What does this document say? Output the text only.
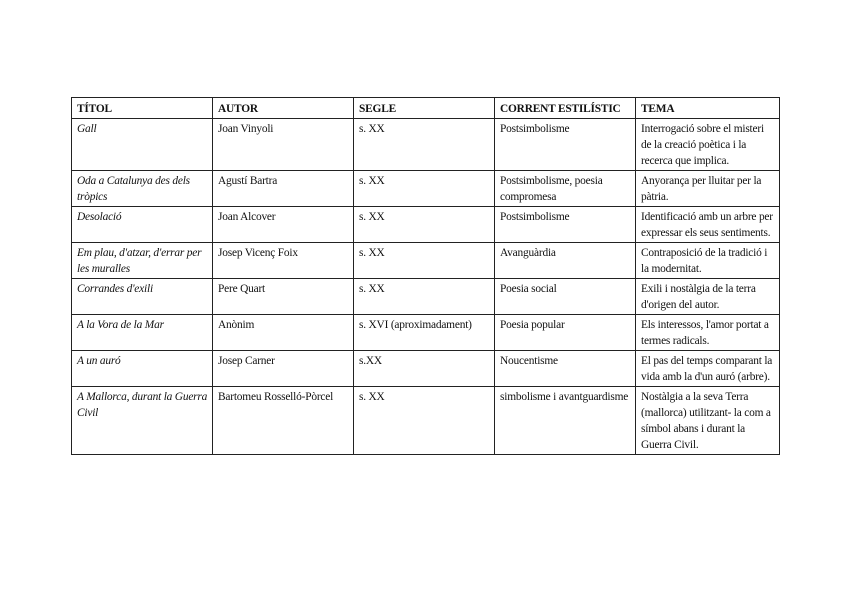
TÍTOL	AUTOR	SEGLE	CORRENT ESTILÍSTIC	TEMA
Gall	Joan Vinyoli	s. XX	Postsimbolisme	Interrogació sobre el misteri de la creació poètica i la recerca que implica.
Oda a Catalunya des dels tròpics	Agustí Bartra	s. XX	Postsimbolisme, poesia compromesa	Anyorança per lluitar per la pàtria.
Desolació	Joan Alcover	s. XX	Postsimbolisme	Identificació amb un arbre per expressar els seus sentiments.
Em plau, d'atzar, d'errar per les muralles	Josep Vicenç Foix	s. XX	Avanguàrdia	Contraposició de la tradició i la modernitat.
Corrandes d'exili	Pere Quart	s. XX	Poesia social	Exili i nostàlgia de la terra d'origen del autor.
A la Vora de la Mar	Anònim	s. XVI (aproximadament)	Poesia popular	Els interessos, l'amor portat a termes radicals.
A un auró	Josep Carner	s.XX	Noucentisme	El pas del temps comparant la vida amb la d'un auró (arbre).
A Mallorca, durant la Guerra Civil	Bartomeu Rosselló-Pòrcel	s. XX	simbolisme i avantguardisme	Nostàlgia a la seva Terra (mallorca) utilitzant- la com a símbol abans i durant la Guerra Civil.
